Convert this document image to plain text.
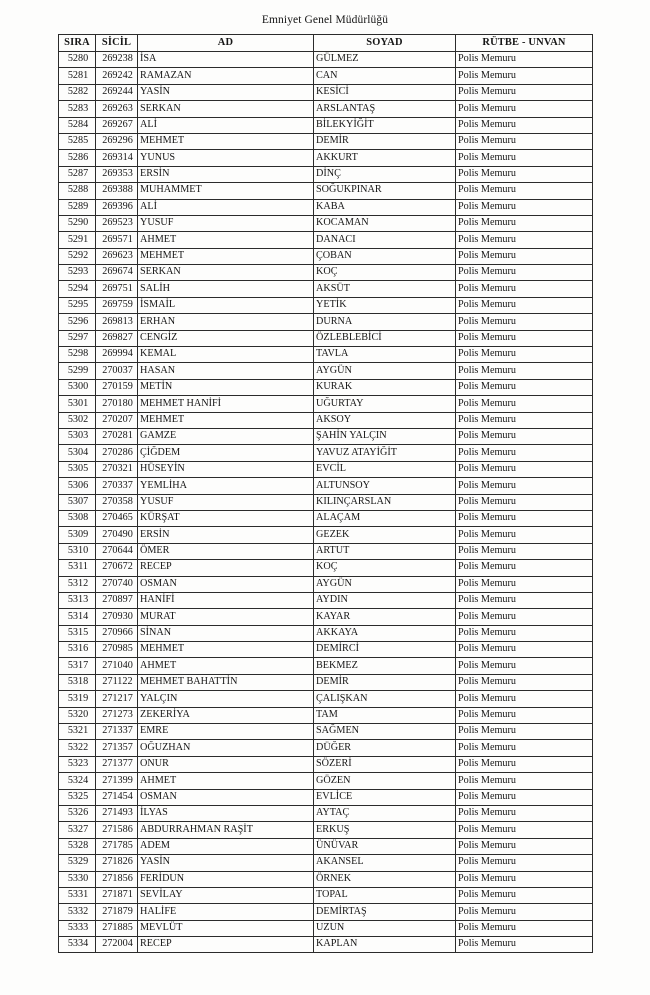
Emniyet Genel Müdürlüğü
SIRA	SİCİL	AD	SOYAD	RÜTBE - UNVAN
5280	269238	İSA	GÜLMEZ	Polis Memuru
5281	269242	RAMAZAN	CAN	Polis Memuru
5282	269244	YASİN	KESİCİ	Polis Memuru
5283	269263	SERKAN	ARSLANTAŞ	Polis Memuru
5284	269267	ALİ	BİLEKYİĞİT	Polis Memuru
5285	269296	MEHMET	DEMİR	Polis Memuru
5286	269314	YUNUS	AKKURT	Polis Memuru
5287	269353	ERSİN	DİNÇ	Polis Memuru
5288	269388	MUHAMMET	SOĞUKPINAR	Polis Memuru
5289	269396	ALİ	KABA	Polis Memuru
5290	269523	YUSUF	KOCAMAN	Polis Memuru
5291	269571	AHMET	DANACI	Polis Memuru
5292	269623	MEHMET	ÇOBAN	Polis Memuru
5293	269674	SERKAN	KOÇ	Polis Memuru
5294	269751	SALİH	AKSÜT	Polis Memuru
5295	269759	İSMAİL	YETİK	Polis Memuru
5296	269813	ERHAN	DURNA	Polis Memuru
5297	269827	CENGİZ	ÖZLEBLEBİCİ	Polis Memuru
5298	269994	KEMAL	TAVLA	Polis Memuru
5299	270037	HASAN	AYGÜN	Polis Memuru
5300	270159	METİN	KURAK	Polis Memuru
5301	270180	MEHMET HANİFİ	UĞURTAY	Polis Memuru
5302	270207	MEHMET	AKSOY	Polis Memuru
5303	270281	GAMZE	ŞAHİN YALÇIN	Polis Memuru
5304	270286	ÇİĞDEM	YAVUZ ATAYİĞİT	Polis Memuru
5305	270321	HÜSEYİN	EVCİL	Polis Memuru
5306	270337	YEMLİHA	ALTUNSOY	Polis Memuru
5307	270358	YUSUF	KILINÇARSLAN	Polis Memuru
5308	270465	KÜRŞAT	ALAÇAM	Polis Memuru
5309	270490	ERSİN	GEZEK	Polis Memuru
5310	270644	ÖMER	ARTUT	Polis Memuru
5311	270672	RECEP	KOÇ	Polis Memuru
5312	270740	OSMAN	AYGÜN	Polis Memuru
5313	270897	HANİFİ	AYDIN	Polis Memuru
5314	270930	MURAT	KAYAR	Polis Memuru
5315	270966	SİNAN	AKKAYA	Polis Memuru
5316	270985	MEHMET	DEMİRCİ	Polis Memuru
5317	271040	AHMET	BEKMEZ	Polis Memuru
5318	271122	MEHMET BAHATTİN	DEMİR	Polis Memuru
5319	271217	YALÇIN	ÇALIŞKAN	Polis Memuru
5320	271273	ZEKERİYA	TAM	Polis Memuru
5321	271337	EMRE	SAĞMEN	Polis Memuru
5322	271357	OĞUZHAN	DÜĞER	Polis Memuru
5323	271377	ONUR	SÖZERİ	Polis Memuru
5324	271399	AHMET	GÖZEN	Polis Memuru
5325	271454	OSMAN	EVLİCE	Polis Memuru
5326	271493	İLYAS	AYTAÇ	Polis Memuru
5327	271586	ABDURRAHMAN RAŞİT	ERKUŞ	Polis Memuru
5328	271785	ADEM	ÜNÜVAR	Polis Memuru
5329	271826	YASİN	AKANSEL	Polis Memuru
5330	271856	FERİDUN	ÖRNEK	Polis Memuru
5331	271871	SEVİLAY	TOPAL	Polis Memuru
5332	271879	HALİFE	DEMİRTAŞ	Polis Memuru
5333	271885	MEVLÜT	UZUN	Polis Memuru
5334	272004	RECEP	KAPLAN	Polis Memuru
